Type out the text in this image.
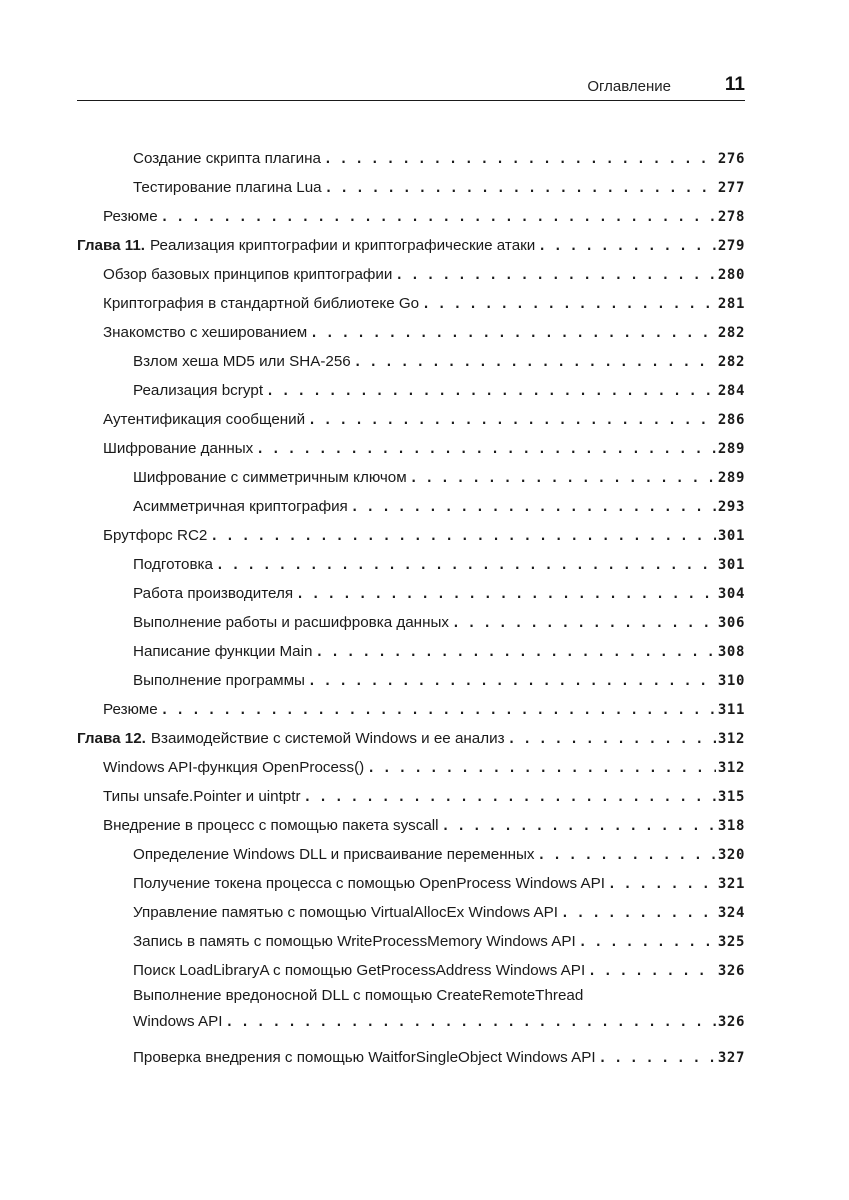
Оглавление	11
Создание скрипта плагина . . .	276
Тестирование плагина Lua . . .	277
Резюме . . .	278
Глава 11. Реализация криптографии и криптографические атаки . . .	279
Обзор базовых принципов криптографии . . .	280
Криптография в стандартной библиотеке Go . . .	281
Знакомство с хешированием . . .	282
Взлом хеша MD5 или SHA-256 . . .	282
Реализация bcrypt . . .	284
Аутентификация сообщений . . .	286
Шифрование данных . . .	289
Шифрование с симметричным ключом . . .	289
Асимметричная криптография . . .	293
Брутфорс RC2 . . .	301
Подготовка . . .	301
Работа производителя . . .	304
Выполнение работы и расшифровка данных . . .	306
Написание функции Main . . .	308
Выполнение программы . . .	310
Резюме . . .	311
Глава 12. Взаимодействие с системой Windows и ее анализ . . .	312
Windows API-функция OpenProcess() . . .	312
Типы unsafe.Pointer и uintptr . . .	315
Внедрение в процесс с помощью пакета syscall . . .	318
Определение Windows DLL и присваивание переменных . . .	320
Получение токена процесса с помощью OpenProcess Windows API . . .	321
Управление памятью с помощью VirtualAllocEx Windows API . . .	324
Запись в память с помощью WriteProcessMemory Windows API . . .	325
Поиск LoadLibraryA с помощью GetProcessAddress Windows API . . .	326
Выполнение вредоносной DLL с помощью CreateRemoteThread
Windows API . . .	326
Проверка внедрения с помощью WaitforSingleObject Windows API . . .	327
